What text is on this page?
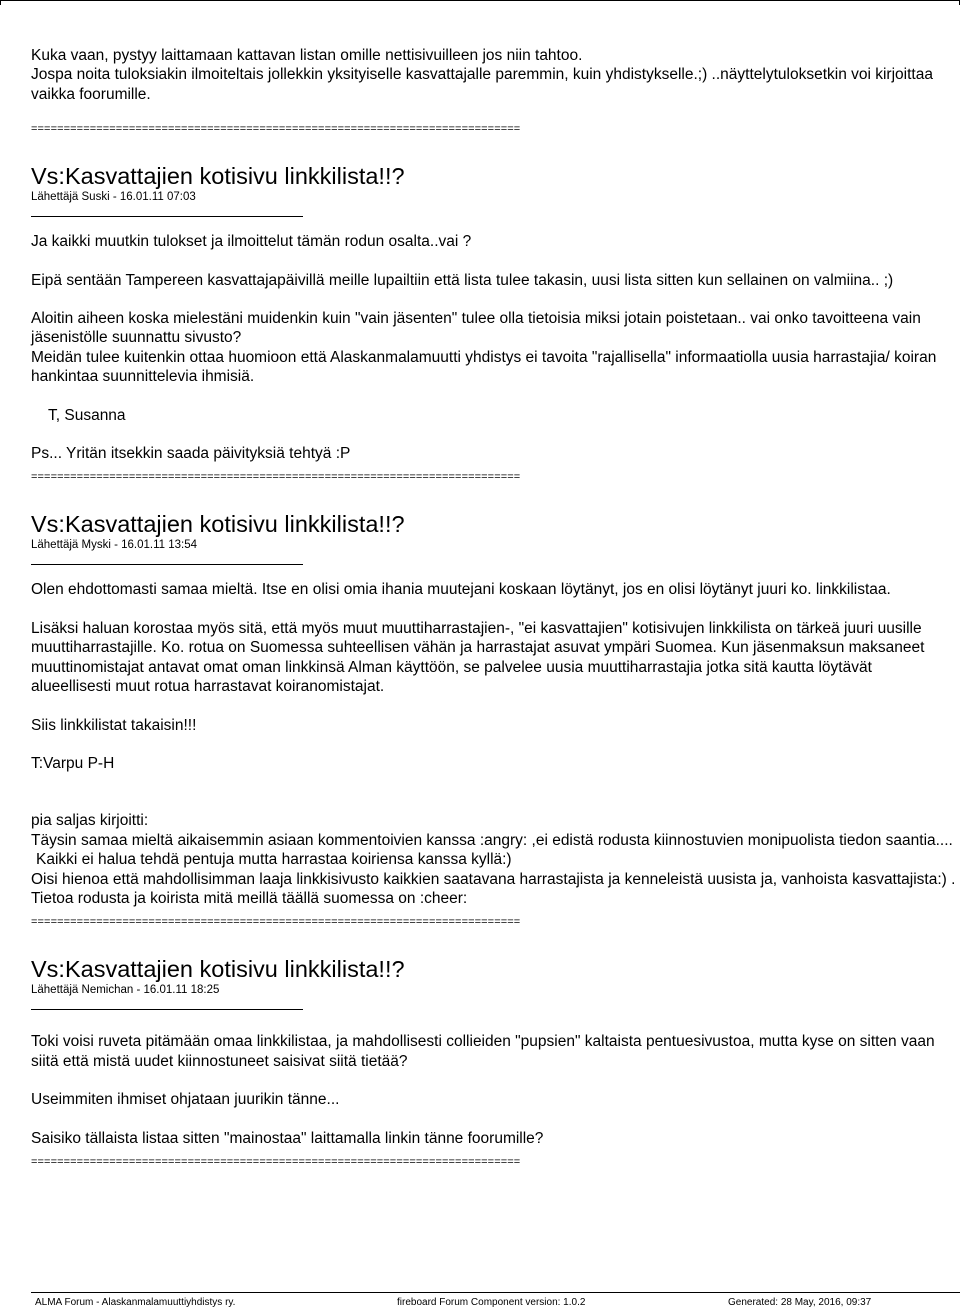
Kuka vaan, pystyy laittamaan kattavan listan omille nettisivuilleen jos niin tahtoo.

Jospa noita tuloksiakin ilmoiteltais jollekkin yksityiselle kasvattajalle paremmin, kuin yhdistykselle.;) ..näyttelytuloksetkin voi kirjoittaa vaikka foorumille.

===========================================================================
Vs:Kasvattajien kotisivu linkkilista!!?
Lähettäjä Suski - 16.01.11 07:03

Ja kaikki muutkin tulokset ja ilmoittelut tämän rodun osalta..vai ?

Eipä sentään Tampereen kasvattajapäivillä meille lupailtiin että lista tulee takasin, uusi lista sitten kun sellainen on valmiina.. ;)

Aloitin aiheen koska mielestäni muidenkin kuin "vain jäsenten" tulee olla tietoisia miksi jotain poistetaan.. vai onko tavoitteena vain jäsenistölle suunnattu sivusto?

Meidän tulee kuitenkin ottaa huomioon että Alaskanmalamuutti yhdistys ei tavoita "rajallisella" informaatiolla uusia harrastajia/ koiran hankintaa suunnittelevia ihmisiä.

T, Susanna

Ps... Yritän itsekkin saada päivityksiä tehtyä :P

===========================================================================
Vs:Kasvattajien kotisivu linkkilista!!?
Lähettäjä Myski - 16.01.11 13:54

Olen ehdottomasti samaa mieltä. Itse en olisi omia ihania muutejani koskaan löytänyt, jos en olisi löytänyt juuri ko. linkkilistaa.

Lisäksi haluan korostaa myös sitä, että myös muut muuttiharrastajien-, "ei kasvattajien" kotisivujen linkkilista on tärkeä juuri uusille muuttiharrastajille. Ko. rotua on Suomessa suhteellisen vähän ja harrastajat asuvat ympäri Suomea. Kun jäsenmaksun maksaneet muuttinomistajat antavat omat oman linkkinsä Alman käyttöön, se palvelee uusia muuttiharrastajia jotka sitä kautta löytävät alueellisesti muut rotua harrastavat koiranomistajat.

Siis linkkilistat takaisin!!!

T:Varpu P-H

pia saljas kirjoitti:

Täysin samaa mieltä aikaisemmin asiaan kommentoivien kanssa :angry: ,ei edistä rodusta kiinnostuvien monipuolista tiedon saantia....

Kaikki ei halua tehdä pentuja mutta harrastaa koiriensa kanssa kyllä:)

Oisi hienoa että mahdollisimman laaja linkkisivusto kaikkien saatavana harrastajista ja kenneleistä uusista ja, vanhoista kasvattajista:) .

Tietoa rodusta ja koirista mitä meillä täällä suomessa on :cheer:

===========================================================================
Vs:Kasvattajien kotisivu linkkilista!!?
Lähettäjä Nemichan - 16.01.11 18:25

Toki voisi ruveta pitämään omaa linkkilistaa, ja mahdollisesti collieiden "pupsien" kaltaista pentuesivustoa, mutta kyse on sitten vaan siitä että mistä uudet kiinnostuneet saisivat siitä tietää?

Useimmiten ihmiset ohjataan juurikin tänne...

Saisiko tällaista listaa sitten "mainostaa" laittamalla linkin tänne foorumille?

===========================================================================
ALMA Forum - Alaskanmalamuuttiyhdistys ry.	fireboard Forum Component version: 1.0.2	Generated: 28 May, 2016, 09:37
